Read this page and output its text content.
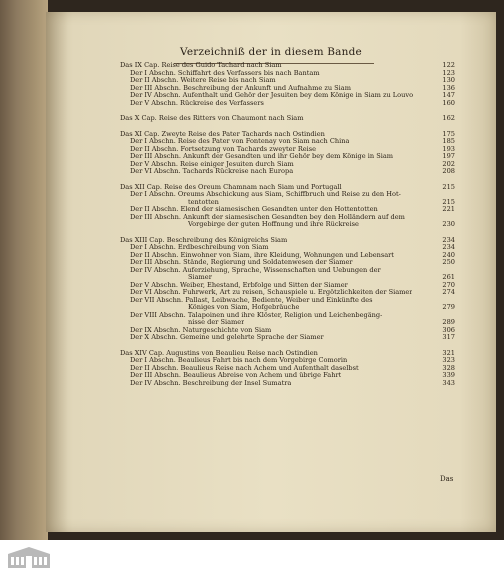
Verzeichniß der in diesem Bande
Das IX Cap. Reise des Guido Tachard nach Siam	122
Der I Abschn. Schiffahrt des Verfassers bis nach Bantam	123
Der II Abschn. Weitere Reise bis nach Siam	130
Der III Abschn. Beschreibung der Ankunft und Aufnahme zu Siam	136
Der IV Abschn. Aufenthalt und Gehör der Jesuiten bey dem Könige in Siam zu Louvo	147
Der V Abschn. Rückreise des Verfassers	160
Das X Cap. Reise des Ritters von Chaumont nach Siam	162
Das XI Cap. Zweyte Reise des Pater Tachards nach Ostindien	175
Der I Abschn. Reise des Pater von Fontenay von Siam nach China	185
Der II Abschn. Fortsetzung von Tachards zweyter Reise	193
Der III Abschn. Ankunft der Gesandten und ihr Gehör bey dem Könige in Siam	197
Der V Abschn. Reise einiger Jesuiten durch Siam	202
Der VI Abschn. Tachards Rückreise nach Europa	208
Das XII Cap. Reise des Oreum Chamnam nach Siam und Portugall	215
Der I Abschn. Oreums Abschickung aus Siam, Schiffbruch und Reise zu den Hot-
tentotten	215
Der II Abschn. Elend der siamesischen Gesandten unter den Hottentotten	221
Der III Abschn. Ankunft der siamesischen Gesandten bey den Holländern auf dem
Vorgebirge der guten Hoffnung und ihre Rückreise	230
Das XIII Cap. Beschreibung des Königreichs Siam	234
Der I Abschn. Erdbeschreibung von Siam	234
Der II Abschn. Einwohner von Siam, ihre Kleidung, Wohnungen und Lebensart	240
Der III Abschn. Stände, Regierung und Soldatenwesen der Siamer	250
Der IV Abschn. Auferziehung, Sprache, Wissenschaften und Uebungen der
Siamer	261
Der V Abschn. Weiber, Ehestand, Erbfolge und Sitten der Siamer	270
Der VI Abschn. Fuhrwerk, Art zu reisen, Schauspiele u. Ergötzlichkeiten der Siamer	274
Der VII Abschn. Pallast, Leibwache, Bediente, Weiber und Einkünfte des
Königes von Siam, Hofgebräuche	279
Der VIII Abschn. Talapoinen und ihre Klöster, Religion und Leichenbegäng-
nisse der Siamer	289
Der IX Abschn. Naturgeschichte von Siam	306
Der X Abschn. Gemeine und gelehrte Sprache der Siamer	317
Das XIV Cap. Augustins von Beaulieu Reise nach Ostindien	321
Der I Abschn. Beaulieus Fahrt bis nach dem Vorgebirge Comorin	323
Der II Abschn. Beaulieus Reise nach Achem und Aufenthalt daselbst	328
Der III Abschn. Beaulieus Abreise von Achem und übrige Fahrt	339
Der IV Abschn. Beschreibung der Insel Sumatra	343
Das
